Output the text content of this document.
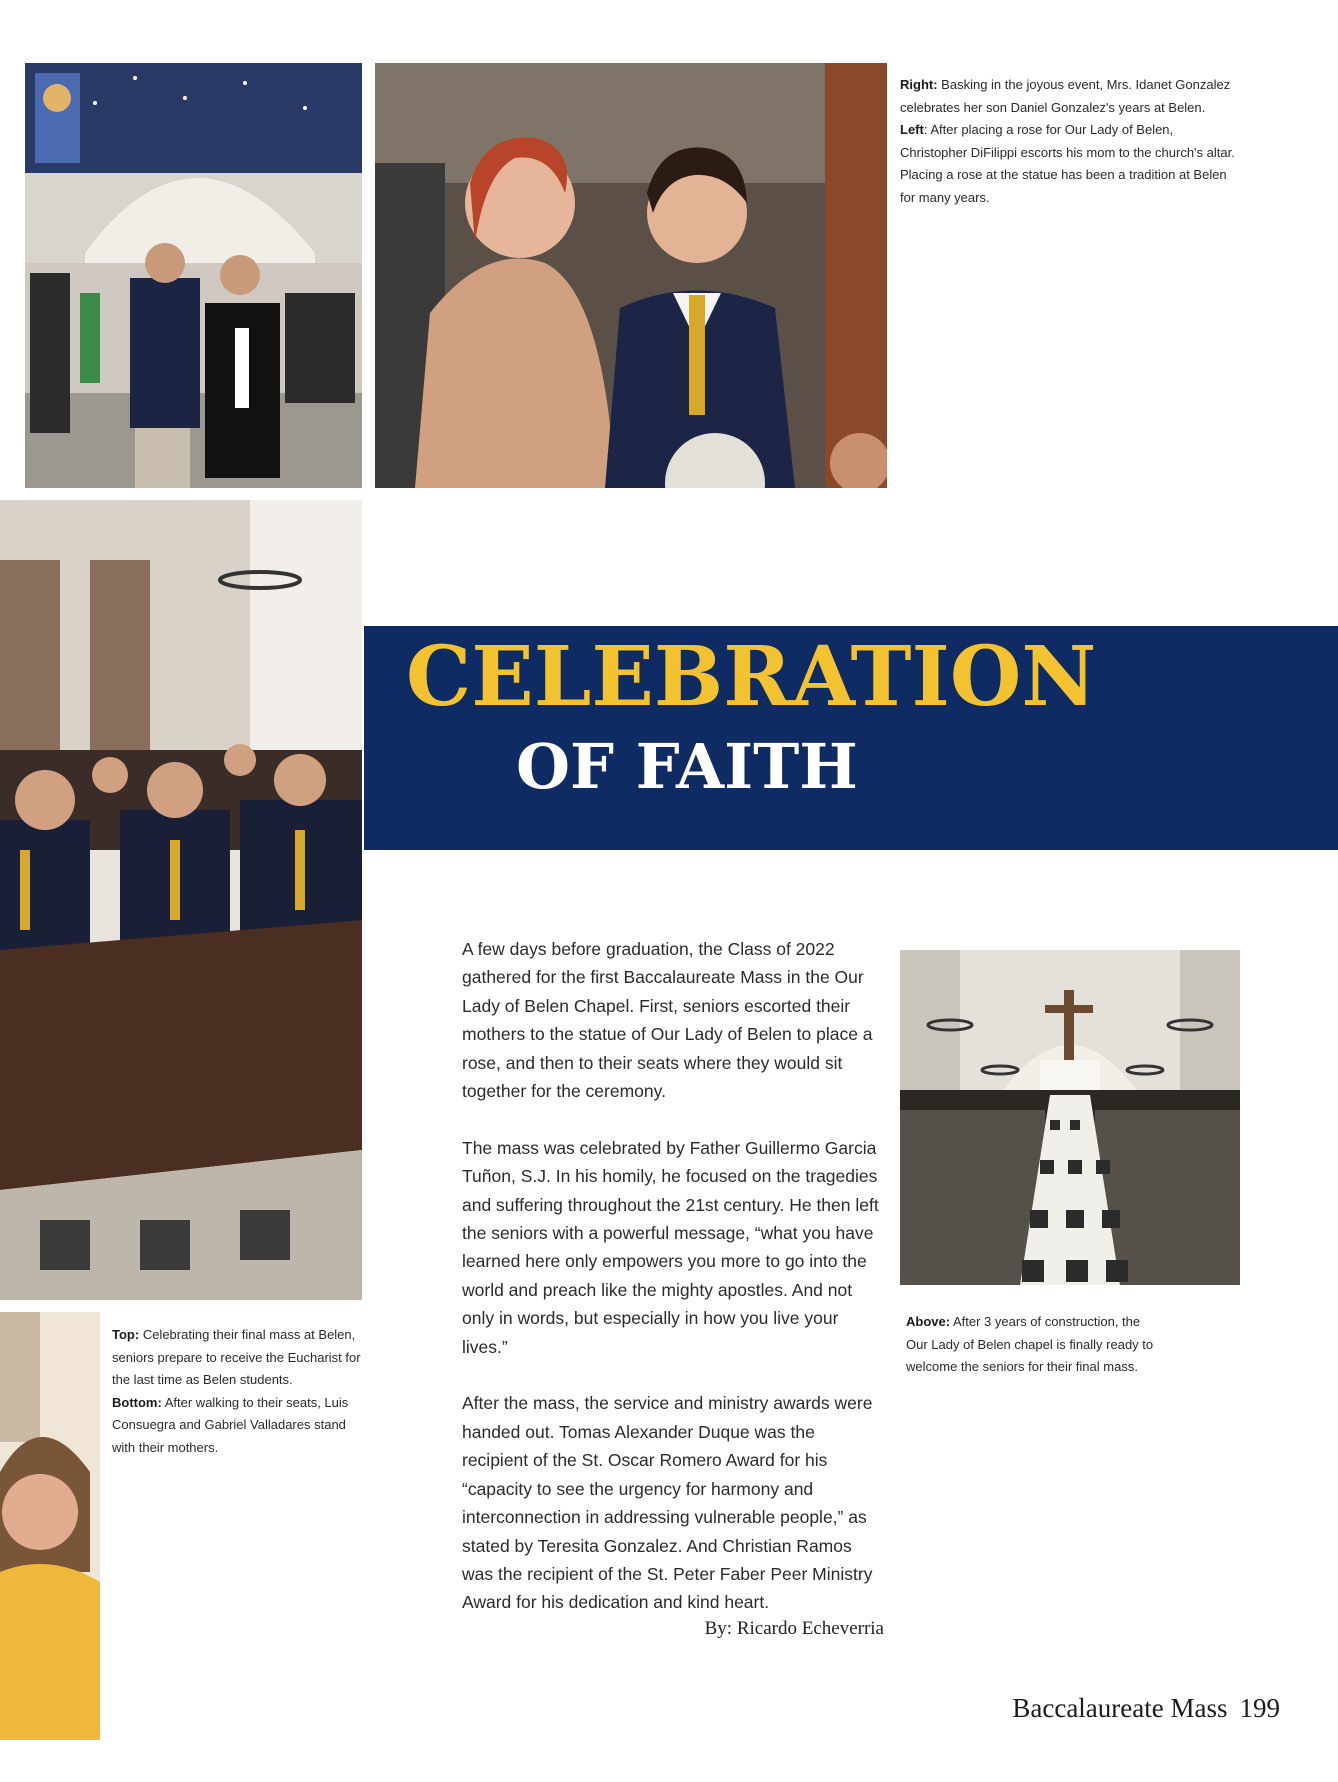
Right: Basking in the joyous event, Mrs. Idanet Gonzalez celebrates her son Daniel Gonzalez's years at Belen.

Left: After placing a rose for Our Lady of Belen, Christopher DiFilippi escorts his mom to the church's altar. Placing a rose at the statue has been a tradition at Belen for many years.

CELEBRATION
OF FAITH

A few days before graduation, the Class of 2022 gathered for the first Baccalaureate Mass in the Our Lady of Belen Chapel. First, seniors escorted their mothers to the statue of Our Lady of Belen to place a rose, and then to their seats where they would sit together for the ceremony.

The mass was celebrated by Father Guillermo Garcia Tuñon, S.J. In his homily, he focused on the tragedies and suffering throughout the 21st century. He then left the seniors with a powerful message, “what you have learned here only empowers you more to go into the world and preach like the mighty apostles. And not only in words, but especially in how you live your lives.”

After the mass, the service and ministry awards were handed out. Tomas Alexander Duque was the recipient of the St. Oscar Romero Award for his “capacity to see the urgency for harmony and interconnection in addressing vulnerable people,” as stated by Teresita Gonzalez. And Christian Ramos was the recipient of the St. Peter Faber Peer Ministry Award for his dedication and kind heart.

By: Ricardo Echeverria

Above: After 3 years of construction, the Our Lady of Belen chapel is finally ready to welcome the seniors for their final mass.

Top: Celebrating their final mass at Belen, seniors prepare to receive the Eucharist for the last time as Belen students.

Bottom: After walking to their seats, Luis Consuegra and Gabriel Valladares stand with their mothers.

Baccalaureate Mass 199
